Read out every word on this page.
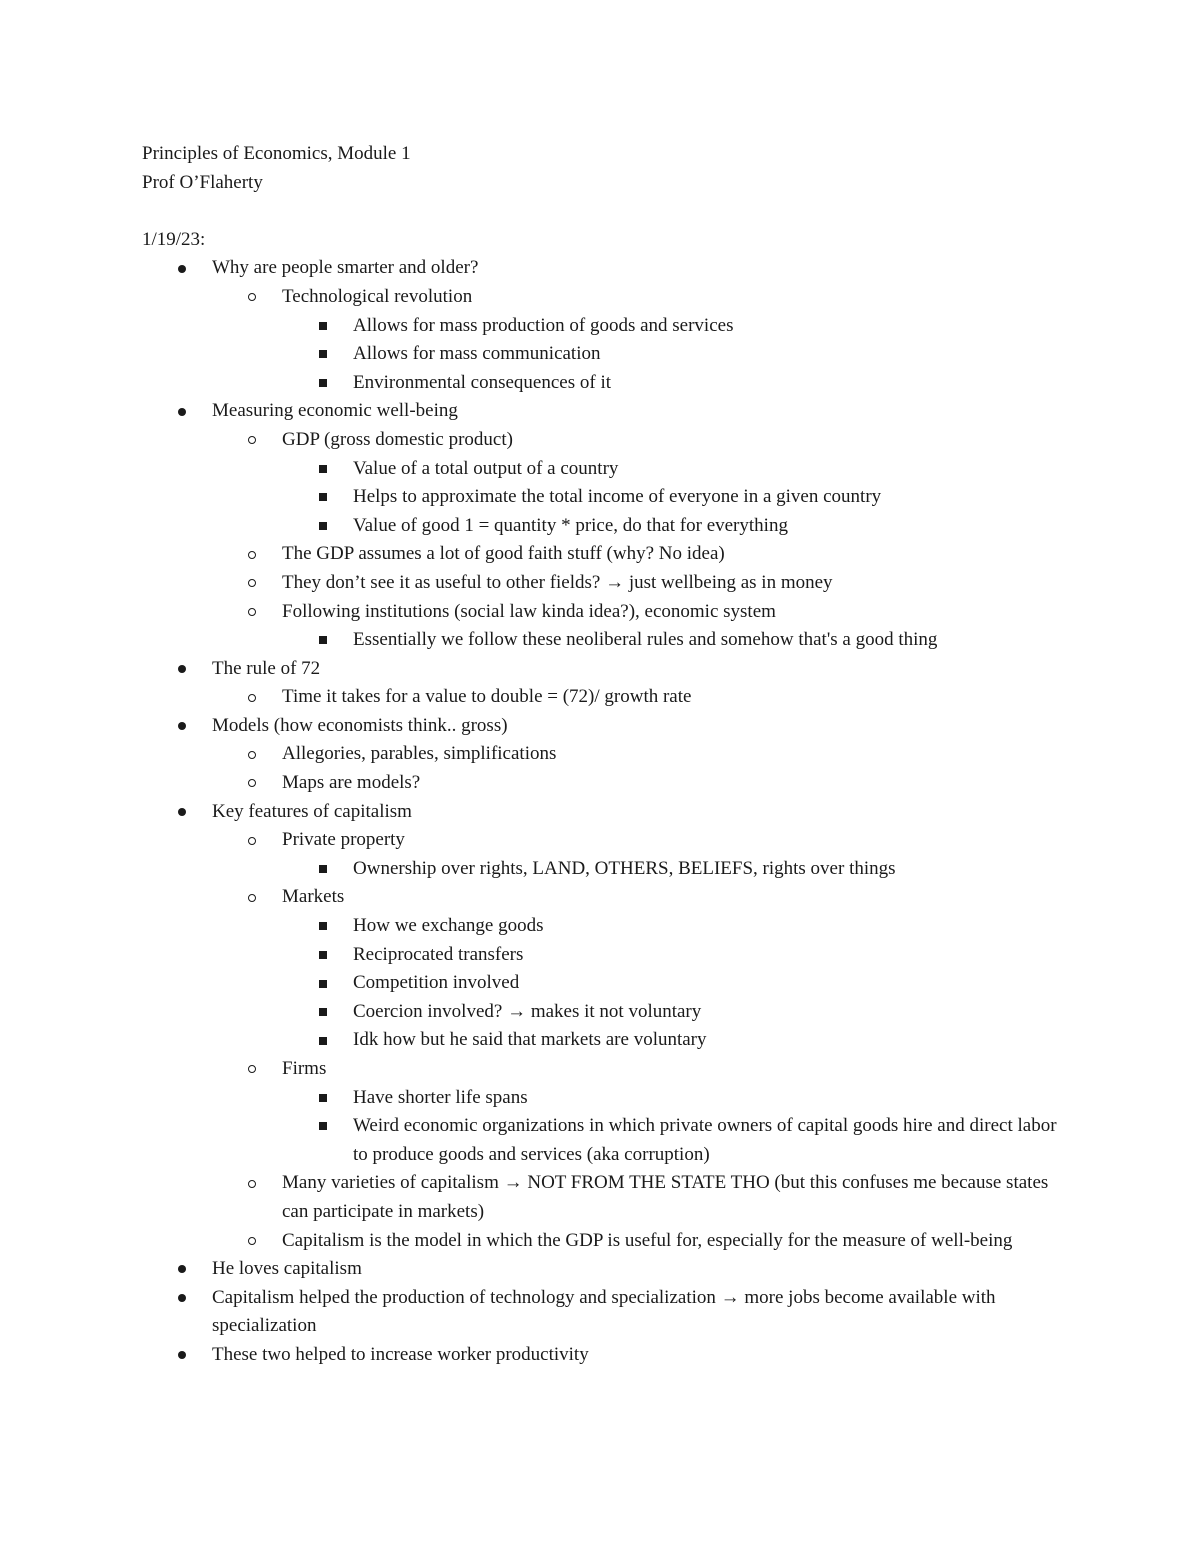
Principles of Economics, Module 1
Prof O’Flaherty
1/19/23:
Why are people smarter and older?
Technological revolution
Allows for mass production of goods and services
Allows for mass communication
Environmental consequences of it
Measuring economic well-being
GDP (gross domestic product)
Value of a total output of a country
Helps to approximate the total income of everyone in a given country
Value of good 1 = quantity * price, do that for everything
The GDP assumes a lot of good faith stuff (why? No idea)
They don’t see it as useful to other fields? → just wellbeing as in money
Following institutions (social law kinda idea?), economic system
Essentially we follow these neoliberal rules and somehow that's a good thing
The rule of 72
Time it takes for a value to double = (72)/ growth rate
Models (how economists think.. gross)
Allegories, parables, simplifications
Maps are models?
Key features of capitalism
Private property
Ownership over rights, LAND, OTHERS, BELIEFS, rights over things
Markets
How we exchange goods
Reciprocated transfers
Competition involved
Coercion involved? → makes it not voluntary
Idk how but he said that markets are voluntary
Firms
Have shorter life spans
Weird economic organizations in which private owners of capital goods hire and direct labor to produce goods and services (aka corruption)
Many varieties of capitalism → NOT FROM THE STATE THO (but this confuses me because states can participate in markets)
Capitalism is the model in which the GDP is useful for, especially for the measure of well-being
He loves capitalism
Capitalism helped the production of technology and specialization → more jobs become available with specialization
These two helped to increase worker productivity
